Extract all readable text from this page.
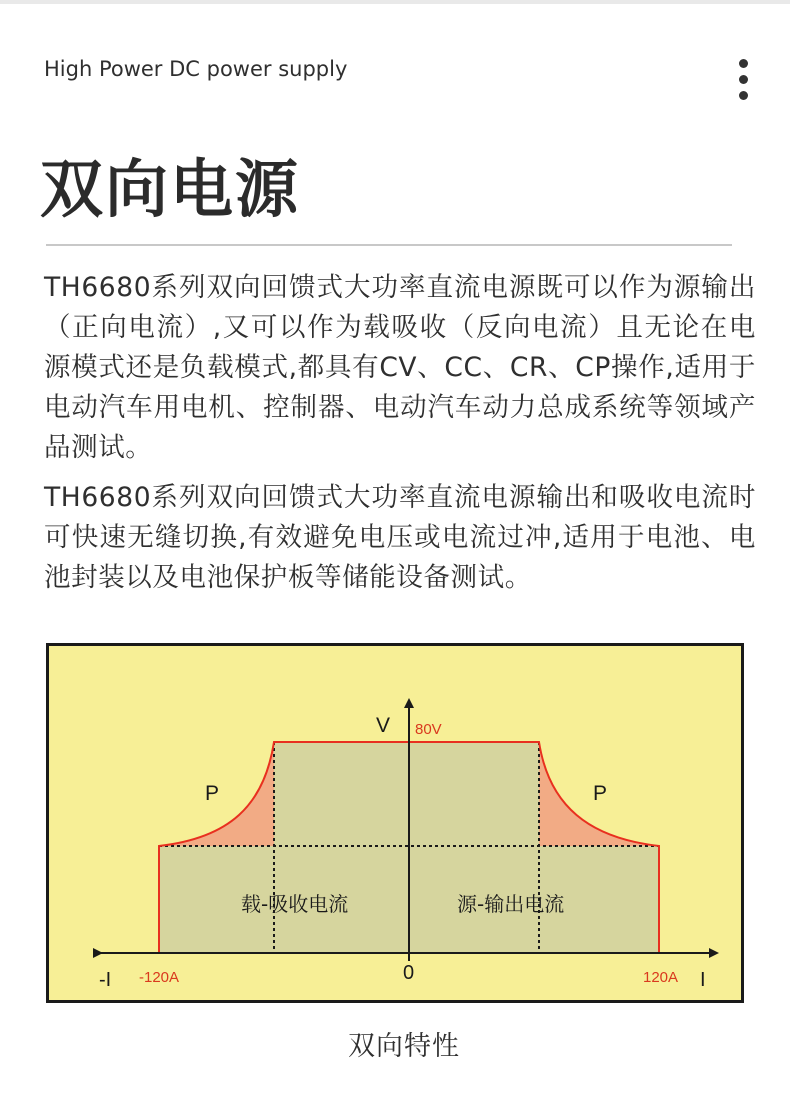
High Power DC power supply
双向电源

TH6680系列双向回馈式大功率直流电源既可以作为源输出（正向电流）,又可以作为载吸收（反向电流）且无论在电源模式还是负载模式,都具有CV、CC、CR、CP操作,适用于电动汽车用电机、控制器、电动汽车动力总成系统等领域产品测试。

TH6680系列双向回馈式大功率直流电源输出和吸收电流时可快速无缝切换,有效避免电压或电流过冲,适用于电池、电池封装以及电池保护板等储能设备测试。

V 80V
P	P
载-吸收电流	源-输出电流
-I -120A	0	120A I
双向特性
